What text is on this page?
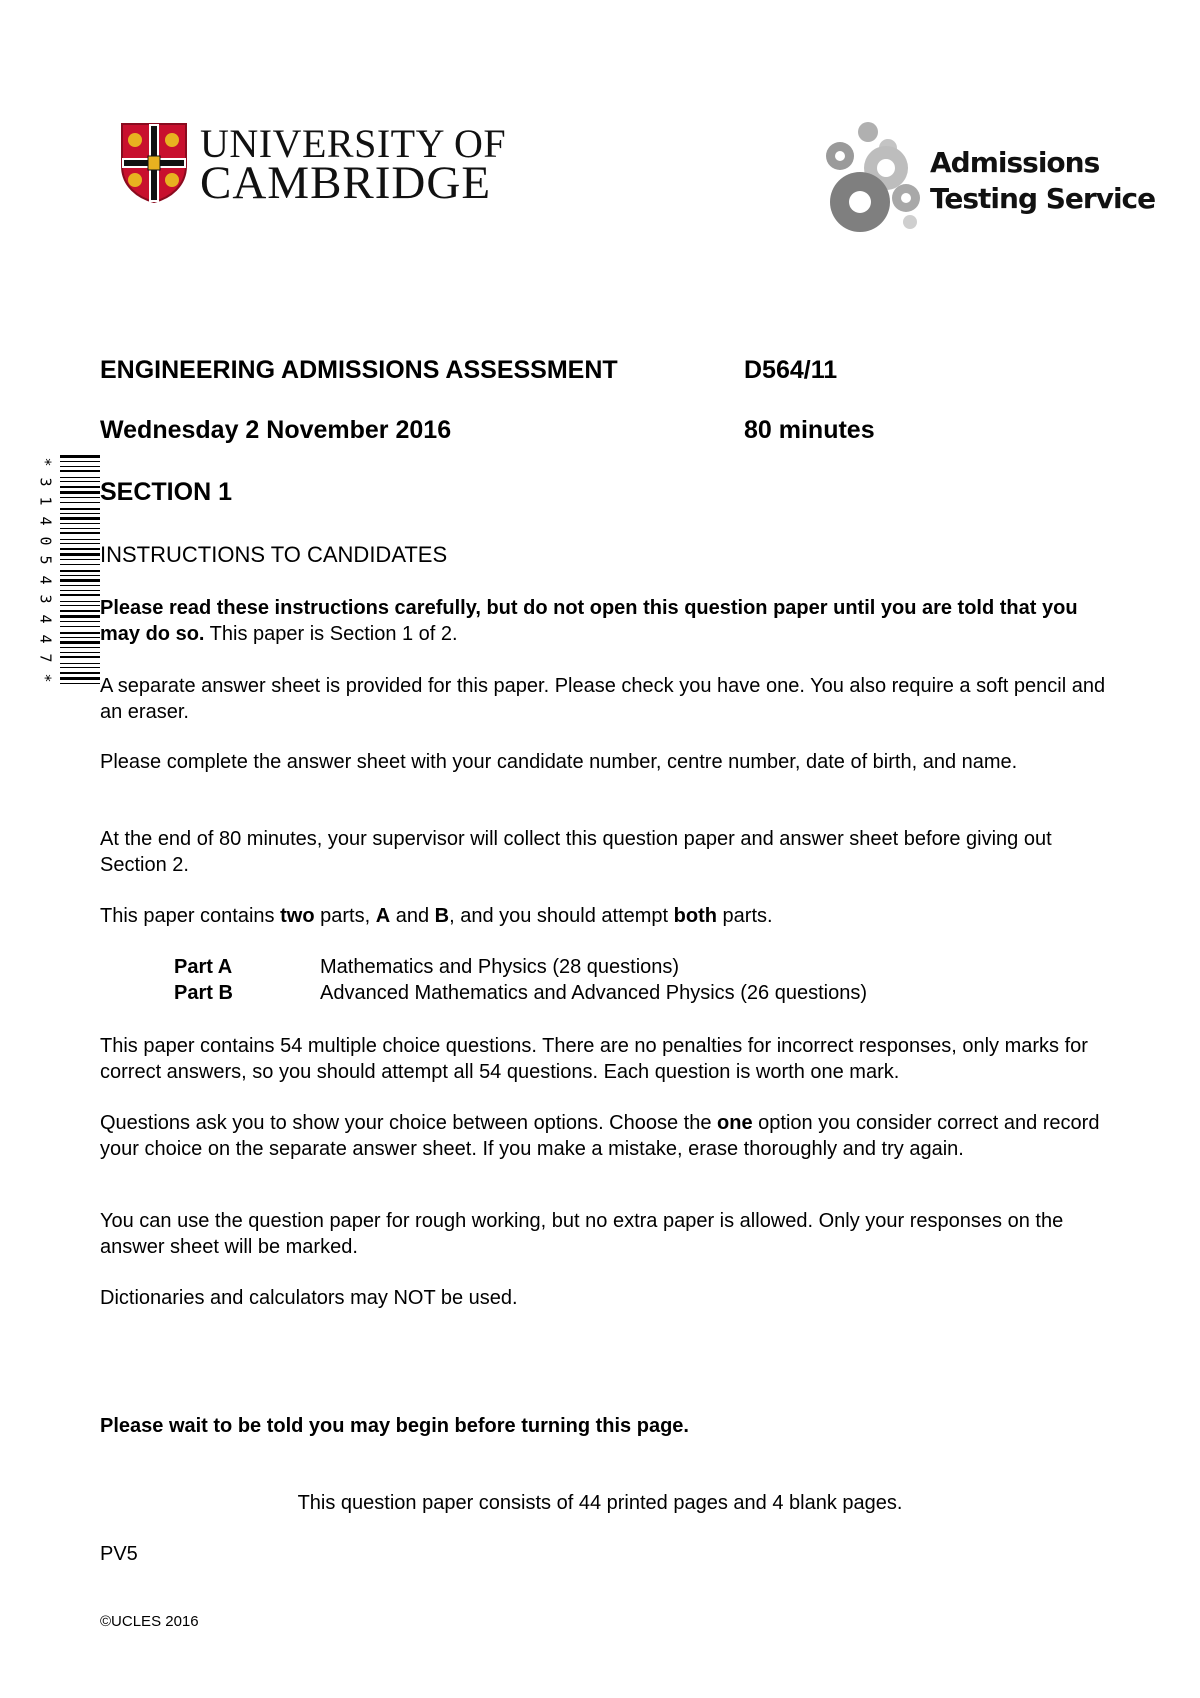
UNIVERSITY OF
CAMBRIDGE	Admissions
Testing Service
*
3
1
4
0
5
4
3
4
4
7
*
ENGINEERING ADMISSIONS ASSESSMENT	D564/11
Wednesday 2 November 2016	80 minutes
SECTION 1
INSTRUCTIONS TO CANDIDATES
Please read these instructions carefully, but do not open this question paper until you are told that you may do so. This paper is Section 1 of 2.
A separate answer sheet is provided for this paper. Please check you have one. You also require a soft pencil and an eraser.
Please complete the answer sheet with your candidate number, centre number, date of birth, and name.
At the end of 80 minutes, your supervisor will collect this question paper and answer sheet before giving out Section 2.
This paper contains two parts, A and B, and you should attempt both parts.
Part A	Mathematics and Physics (28 questions)
Part B	Advanced Mathematics and Advanced Physics (26 questions)
This paper contains 54 multiple choice questions. There are no penalties for incorrect responses, only marks for correct answers, so you should attempt all 54 questions. Each question is worth one mark.
Questions ask you to show your choice between options. Choose the one option you consider correct and record your choice on the separate answer sheet. If you make a mistake, erase thoroughly and try again.
You can use the question paper for rough working, but no extra paper is allowed. Only your responses on the answer sheet will be marked.
Dictionaries and calculators may NOT be used.
Please wait to be told you may begin before turning this page.
This question paper consists of 44 printed pages and 4 blank pages.
PV5
©UCLES 2016
